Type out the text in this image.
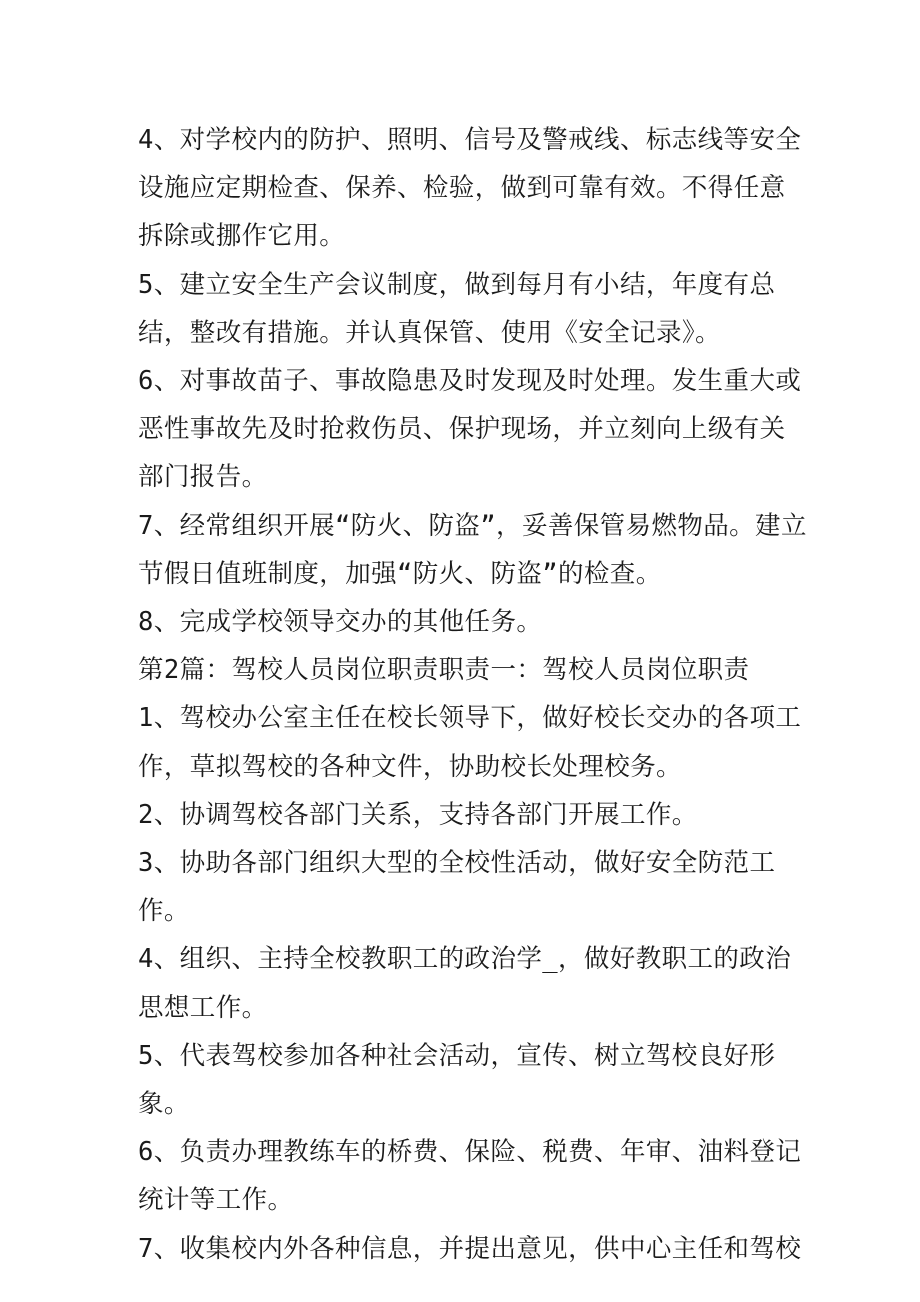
4、对学校内的防护、照明、信号及警戒线、标志线等安全设施应定期检查、保养、检验，做到可靠有效。不得任意拆除或挪作它用。

5、建立安全生产会议制度，做到每月有小结，年度有总结，整改有措施。并认真保管、使用《安全记录》。

6、对事故苗子、事故隐患及时发现及时处理。发生重大或恶性事故先及时抢救伤员、保护现场，并立刻向上级有关部门报告。

7、经常组织开展“防火、防盗”，妥善保管易燃物品。建立节假日值班制度，加强“防火、防盗”的检查。

8、完成学校领导交办的其他任务。

第2篇：驾校人员岗位职责职责一：驾校人员岗位职责

1、驾校办公室主任在校长领导下，做好校长交办的各项工作，草拟驾校的各种文件，协助校长处理校务。

2、协调驾校各部门关系，支持各部门开展工作。

3、协助各部门组织大型的全校性活动，做好安全防范工作。

4、组织、主持全校教职工的政治学_，做好教职工的政治思想工作。

5、代表驾校参加各种社会活动，宣传、树立驾校良好形象。

6、负责办理教练车的桥费、保险、税费、年审、油料登记统计等工作。

7、收集校内外各种信息，并提出意见，供中心主任和驾校
